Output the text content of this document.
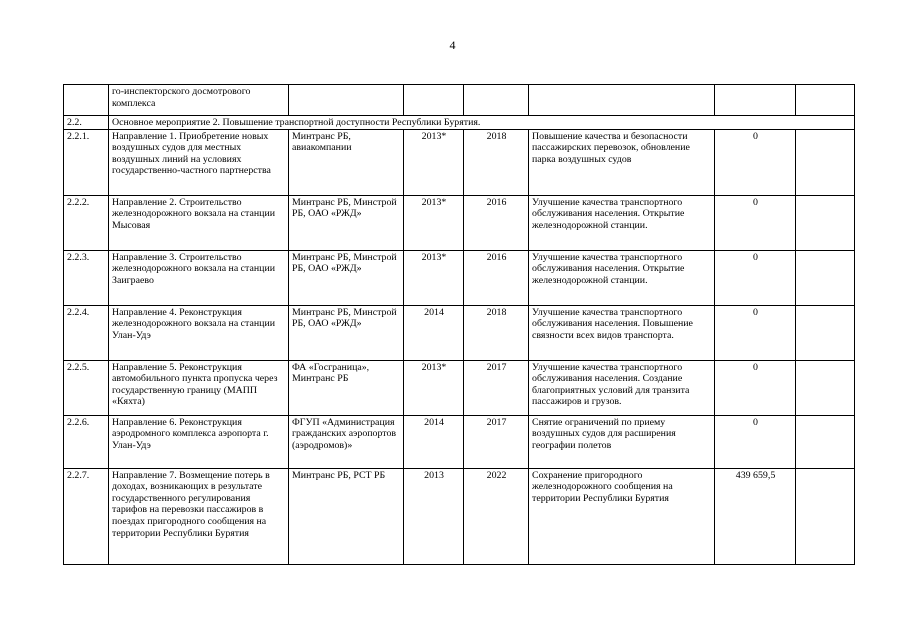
4
	го-инспекторского досмотрового комплекса						
2.2.	Основное мероприятие 2. Повышение транспортной доступности Республики Бурятия.						
2.2.1.	Направление 1. Приобретение новых воздушных судов для местных воздушных линий на условиях государственно-частного партнерства	Минтранс РБ, авиакомпании	2013*	2018	Повышение качества и безопасности пассажирских перевозок, обновление парка воздушных судов	0	
2.2.2.	Направление 2. Строительство железнодорожного вокзала на станции Мысовая	Минтранс РБ, Минстрой РБ, ОАО «РЖД»	2013*	2016	Улучшение качества транспортного обслуживания населения. Открытие железнодорожной станции.	0	
2.2.3.	Направление 3. Строительство железнодорожного вокзала на станции Заиграево	Минтранс РБ, Минстрой РБ, ОАО «РЖД»	2013*	2016	Улучшение качества транспортного обслуживания населения. Открытие железнодорожной станции.	0	
2.2.4.	Направление 4. Реконструкция железнодорожного вокзала на станции Улан-Удэ	Минтранс РБ, Минстрой РБ, ОАО «РЖД»	2014	2018	Улучшение качества транспортного обслуживания населения. Повышение связности всех видов транспорта.	0	
2.2.5.	Направление 5. Реконструкция автомобильного пункта пропуска через государственную границу (МАПП «Кяхта)	ФА «Госграница», Минтранс РБ	2013*	2017	Улучшение качества транспортного обслуживания населения. Создание благоприятных условий для транзита пассажиров и грузов.	0	
2.2.6.	Направление 6. Реконструкция аэродромного комплекса аэропорта г. Улан-Удэ	ФГУП «Администрация гражданских аэропортов (аэродромов)»	2014	2017	Снятие ограничений по приему воздушных судов для расширения географии полетов	0	
2.2.7.	Направление 7. Возмещение потерь в доходах, возникающих в результате государственного регулирования тарифов на перевозки пассажиров в поездах пригородного сообщения на территории Республики Бурятия	Минтранс РБ, РСТ РБ	2013	2022	Сохранение пригородного железнодорожного сообщения на территории Республики Бурятия	439 659,5	
